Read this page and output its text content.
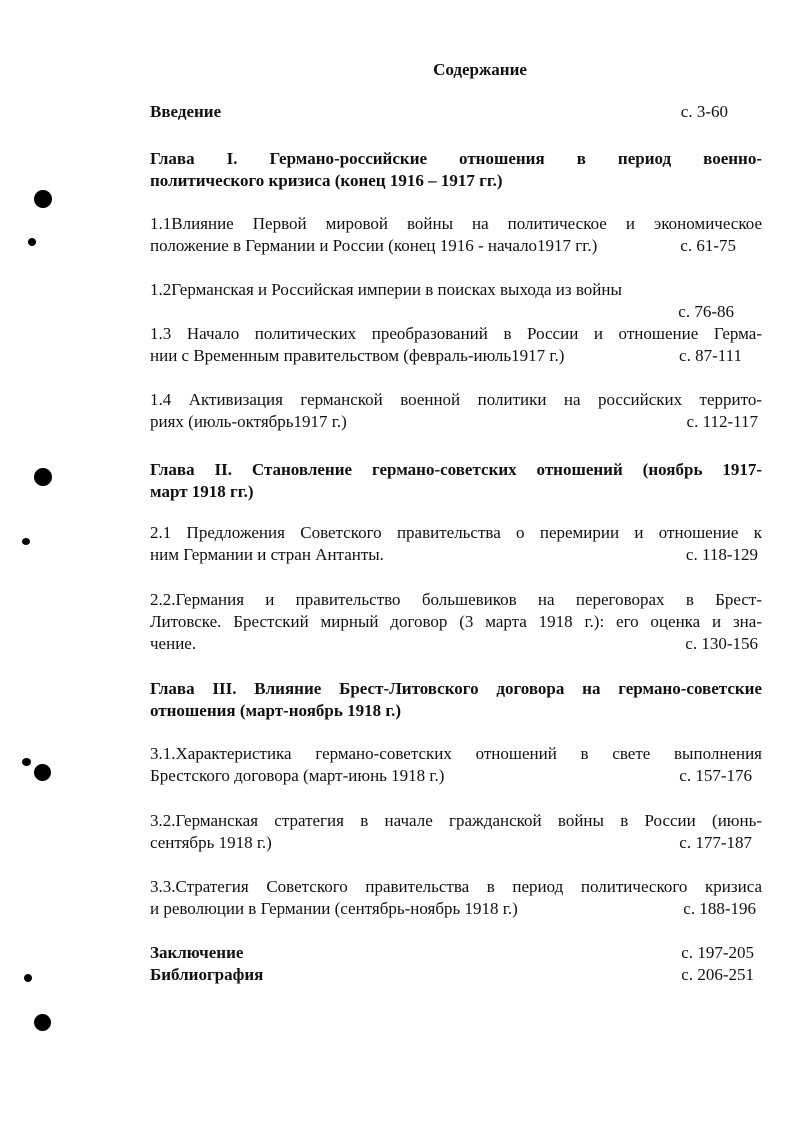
Содержание
Введение	с. 3-60
Глава I. Германо-российские отношения в период военно-
политического кризиса (конец 1916 – 1917 гг.)
1.1Влияние Первой мировой войны на политическое и экономическое
положение в Германии и России (конец 1916 - начало1917 гг.)	с. 61-75
1.2Германская и Российская империи в поисках выхода из войны
с. 76-86
1.3 Начало политических преобразований в России и отношение Герма-
нии с Временным правительством (февраль-июль1917 г.)	с. 87-111
1.4 Активизация германской военной политики на российских террито-
риях (июль-октябрь1917 г.)	с. 112-117
Глава II. Становление германо-советских отношений (ноябрь 1917-
март 1918 гг.)
2.1 Предложения Советского правительства о перемирии и отношение к
ним Германии и стран Антанты.	с. 118-129
2.2.Германия и правительство большевиков на переговорах в Брест-
Литовске. Брестский мирный договор (3 марта 1918 г.): его оценка и зна-
чение.	с. 130-156
Глава III. Влияние Брест-Литовского договора на германо-советские
отношения (март-ноябрь 1918 г.)
3.1.Характеристика германо-советских отношений в свете выполнения
Брестского договора (март-июнь 1918 г.)	с. 157-176
3.2.Германская стратегия в начале гражданской войны в России (июнь-
сентябрь 1918 г.)	с. 177-187
3.3.Стратегия Советского правительства в период политического кризиса
и революции в Германии (сентябрь-ноябрь 1918 г.)	с. 188-196
Заключение	с. 197-205
Библиография	с. 206-251
